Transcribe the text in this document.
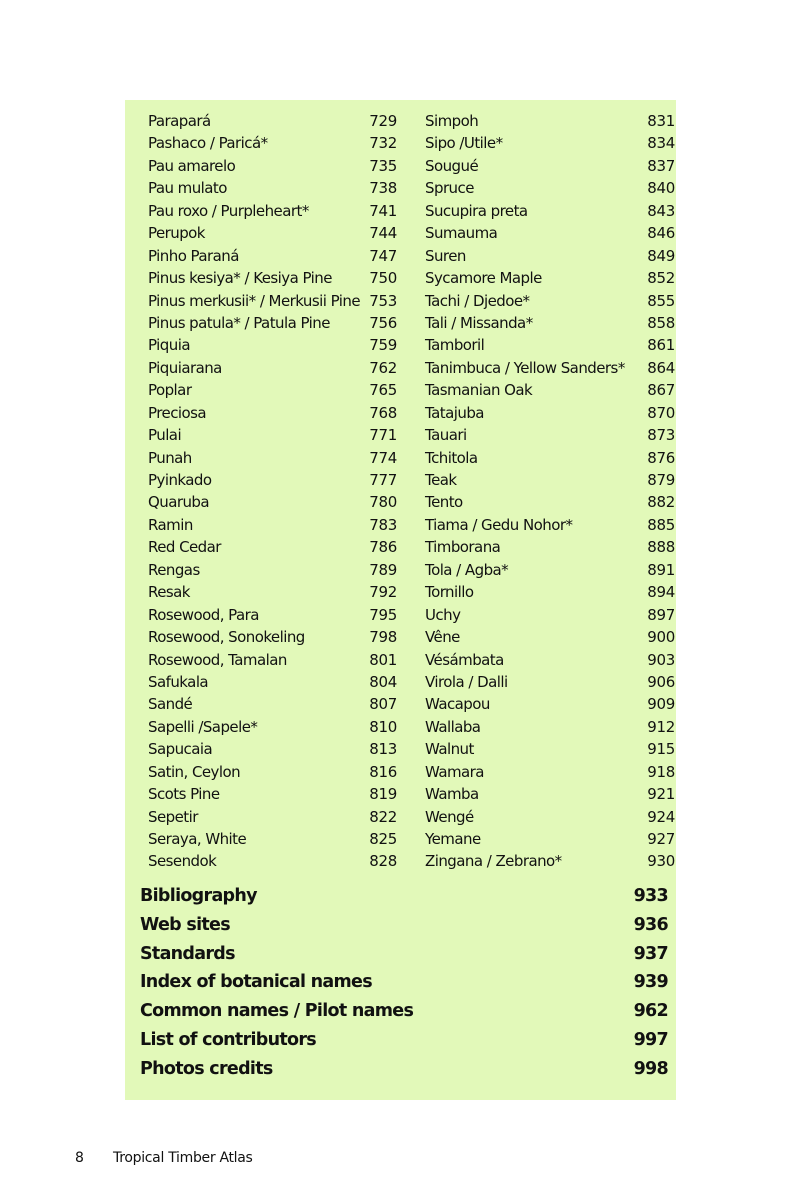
Parapará	729
Pashaco / Paricá*	732
Pau amarelo	735
Pau mulato	738
Pau roxo / Purpleheart*	741
Perupok	744
Pinho Paraná	747
Pinus kesiya* / Kesiya Pine 750
Pinus merkusii* / Merkusii Pine 753
Pinus patula* / Patula Pine	756
Piquia	759
Piquiarana	762
Poplar	765
Preciosa	768
Pulai	771
Punah	774
Pyinkado	777
Quaruba	780
Ramin	783
Red Cedar	786
Rengas	789
Resak	792
Rosewood, Para	795
Rosewood, Sonokeling	798
Rosewood, Tamalan	801
Safukala	804
Sandé	807
Sapelli /Sapele*	810
Sapucaia	813
Satin, Ceylon	816
Scots Pine	819
Sepetir	822
Seraya, White	825
Sesendok	828
Simpoh	831
Sipo /Utile*	834
Sougué	837
Spruce	840
Sucupira preta	843
Sumauma	846
Suren	849
Sycamore Maple	852
Tachi / Djedoe*	855
Tali / Missanda*	858
Tamboril	861
Tanimbuca / Yellow Sanders* 864
Tasmanian Oak	867
Tatajuba	870
Tauari	873
Tchitola	876
Teak	879
Tento	882
Tiama / Gedu Nohor*	885
Timborana	888
Tola / Agba*	891
Tornillo	894
Uchy	897
Vêne	900
Vésámbata	903
Virola / Dalli	906
Wacapou	909
Wallaba	912
Walnut	915
Wamara	918
Wamba	921
Wengé	924
Yemane	927
Zingana / Zebrano*	930
Bibliography	933
Web sites	936
Standards	937
Index of botanical names	939
Common names / Pilot names	962
List of contributors	997
Photos credits	998
8 Tropical Timber Atlas
